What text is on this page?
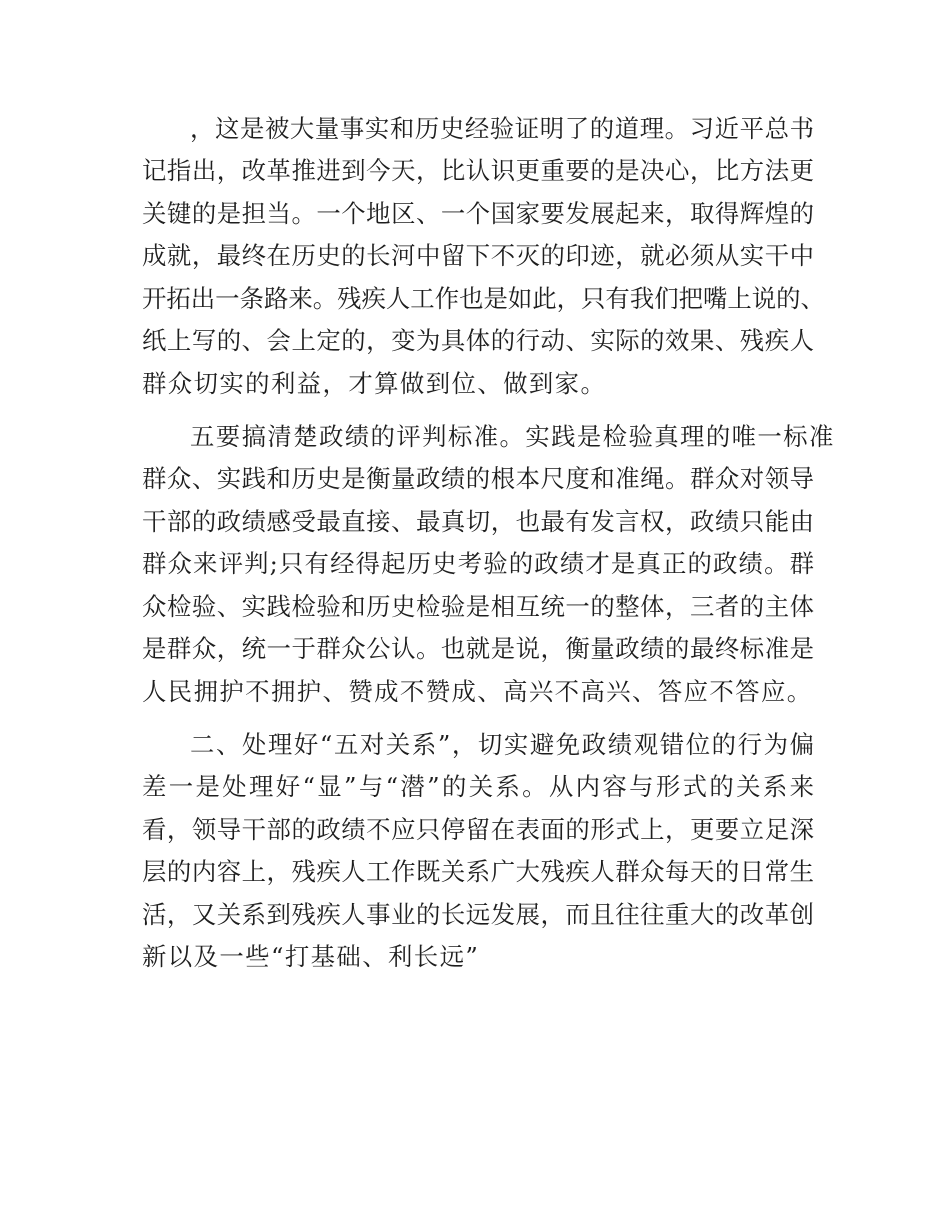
，这是被大量事实和历史经验证明了的道理。习近平总书
记指出，改革推进到今天，比认识更重要的是决心，比方法更
关键的是担当。一个地区、一个国家要发展起来，取得辉煌的
成就，最终在历史的长河中留下不灭的印迹，就必须从实干中
开拓出一条路来。残疾人工作也是如此，只有我们把嘴上说的、
纸上写的、会上定的，变为具体的行动、实际的效果、残疾人
群众切实的利益，才算做到位、做到家。
五要搞清楚政绩的评判标准。实践是检验真理的唯一标准
群众、实践和历史是衡量政绩的根本尺度和准绳。群众对领导
干部的政绩感受最直接、最真切，也最有发言权，政绩只能由
群众来评判;只有经得起历史考验的政绩才是真正的政绩。群
众检验、实践检验和历史检验是相互统一的整体，三者的主体
是群众，统一于群众公认。也就是说，衡量政绩的最终标准是
人民拥护不拥护、赞成不赞成、高兴不高兴、答应不答应。
二、处理好“五对关系”，切实避免政绩观错位的行为偏
差一是处理好“显”与“潜”的关系。从内容与形式的关系来
看，领导干部的政绩不应只停留在表面的形式上，更要立足深
层的内容上，残疾人工作既关系广大残疾人群众每天的日常生
活，又关系到残疾人事业的长远发展，而且往往重大的改革创
新以及一些“打基础、利长远”
